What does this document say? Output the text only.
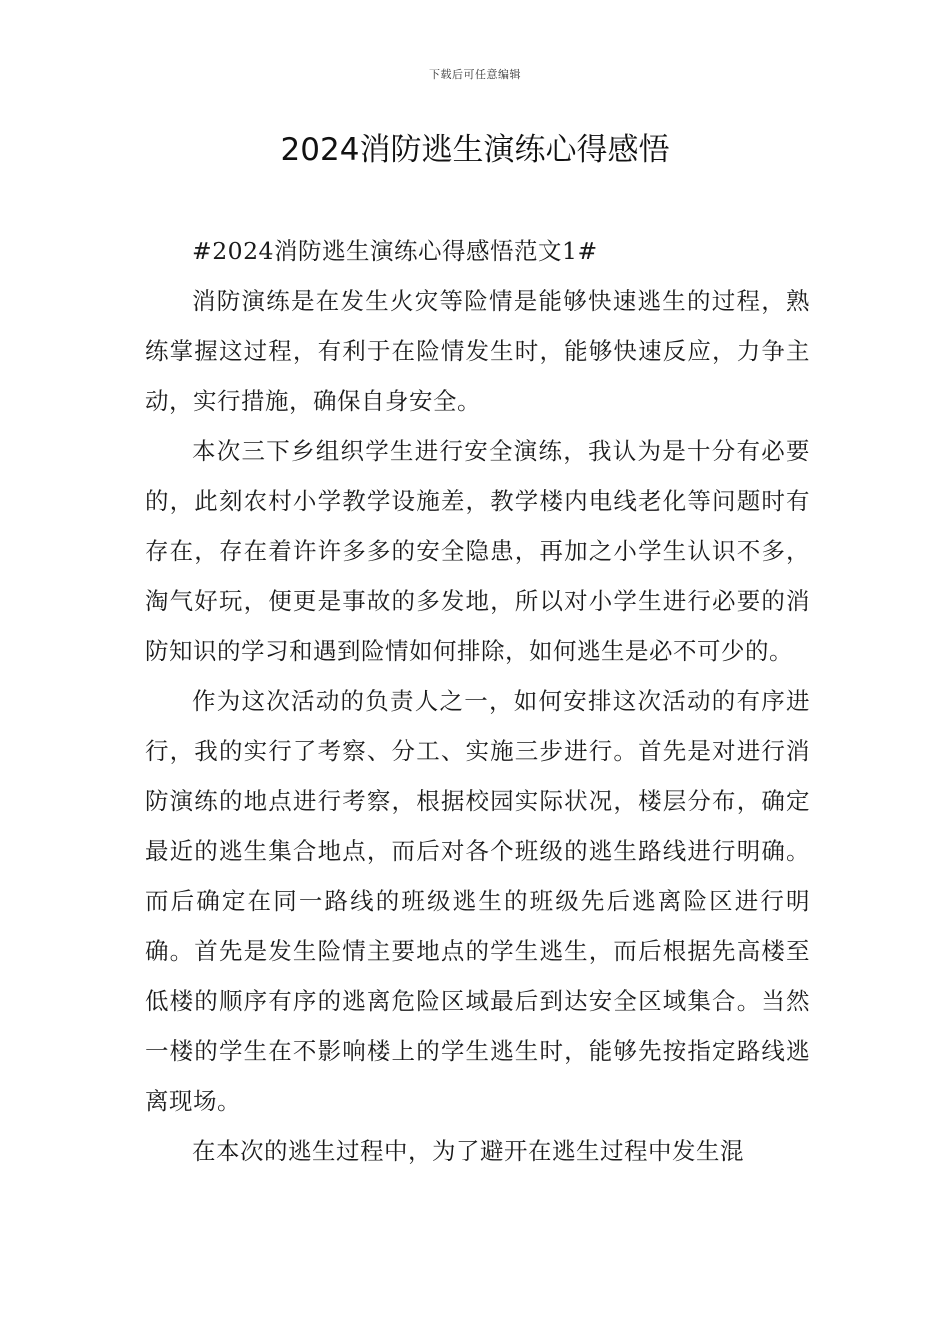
下载后可任意编辑
2024消防逃生演练心得感悟

#2024消防逃生演练心得感悟范文1#

消防演练是在发生火灾等险情是能够快速逃生的过程，熟练掌握这过程，有利于在险情发生时，能够快速反应，力争主动，实行措施，确保自身安全。

本次三下乡组织学生进行安全演练，我认为是十分有必要的，此刻农村小学教学设施差，教学楼内电线老化等问题时有存在，存在着许许多多的安全隐患，再加之小学生认识不多，淘气好玩，便更是事故的多发地，所以对小学生进行必要的消防知识的学习和遇到险情如何排除，如何逃生是必不可少的。

作为这次活动的负责人之一，如何安排这次活动的有序进行，我的实行了考察、分工、实施三步进行。首先是对进行消防演练的地点进行考察，根据校园实际状况，楼层分布，确定最近的逃生集合地点，而后对各个班级的逃生路线进行明确。而后确定在同一路线的班级逃生的班级先后逃离险区进行明确。首先是发生险情主要地点的学生逃生，而后根据先高楼至低楼的顺序有序的逃离危险区域最后到达安全区域集合。当然一楼的学生在不影响楼上的学生逃生时，能够先按指定路线逃离现场。

在本次的逃生过程中，为了避开在逃生过程中发生混
